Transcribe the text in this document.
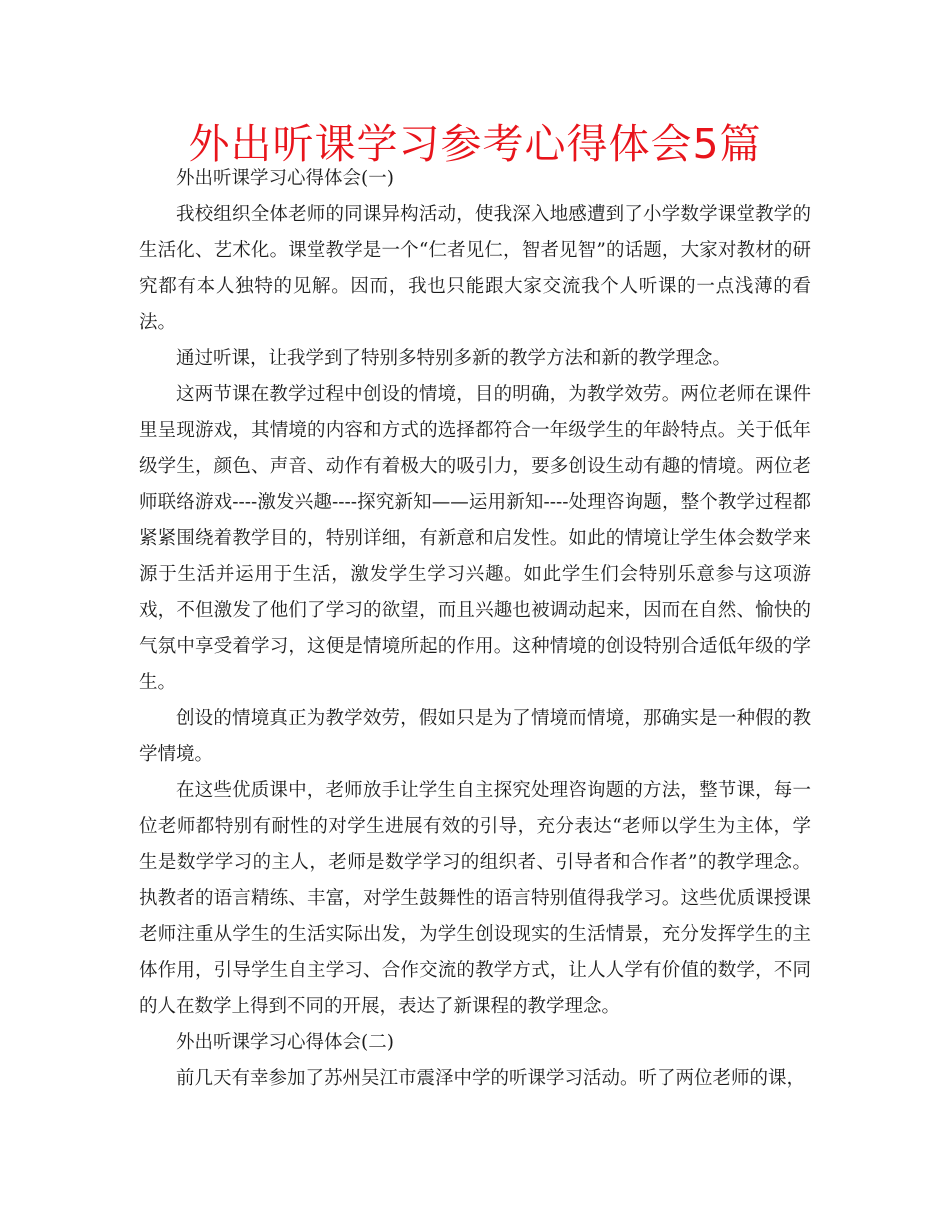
外出听课学习参考心得体会5篇

外出听课学习心得体会(一)

我校组织全体老师的同课异构活动，使我深入地感遭到了小学数学课堂教学的生活化、艺术化。课堂教学是一个“仁者见仁，智者见智”的话题，大家对教材的研究都有本人独特的见解。因而，我也只能跟大家交流我个人听课的一点浅薄的看法。

通过听课，让我学到了特别多特别多新的教学方法和新的教学理念。

这两节课在教学过程中创设的情境，目的明确，为教学效劳。两位老师在课件里呈现游戏，其情境的内容和方式的选择都符合一年级学生的年龄特点。关于低年级学生，颜色、声音、动作有着极大的吸引力，要多创设生动有趣的情境。两位老师联络游戏----激发兴趣----探究新知——运用新知----处理咨询题，整个教学过程都紧紧围绕着教学目的，特别详细，有新意和启发性。如此的情境让学生体会数学来源于生活并运用于生活，激发学生学习兴趣。如此学生们会特别乐意参与这项游戏，不但激发了他们了学习的欲望，而且兴趣也被调动起来，因而在自然、愉快的气氛中享受着学习，这便是情境所起的作用。这种情境的创设特别合适低年级的学生。

创设的情境真正为教学效劳，假如只是为了情境而情境，那确实是一种假的教学情境。

在这些优质课中，老师放手让学生自主探究处理咨询题的方法，整节课，每一位老师都特别有耐性的对学生进展有效的引导，充分表达“老师以学生为主体，学生是数学学习的主人，老师是数学学习的组织者、引导者和合作者”的教学理念。执教者的语言精练、丰富，对学生鼓舞性的语言特别值得我学习。这些优质课授课老师注重从学生的生活实际出发，为学生创设现实的生活情景，充分发挥学生的主体作用，引导学生自主学习、合作交流的教学方式，让人人学有价值的数学，不同的人在数学上得到不同的开展，表达了新课程的教学理念。

外出听课学习心得体会(二)

前几天有幸参加了苏州吴江市震泽中学的听课学习活动。听了两位老师的课，
